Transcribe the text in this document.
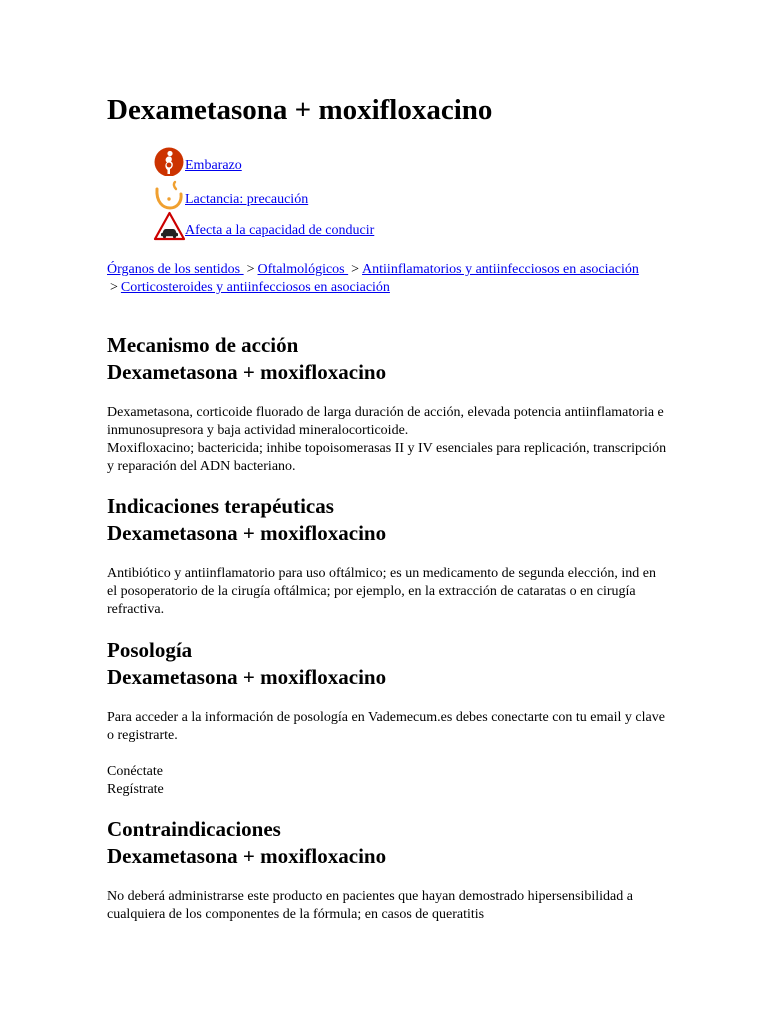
Dexametasona + moxifloxacino
Embarazo
Lactancia: precaución
Afecta a la capacidad de conducir
Órganos de los sentidos > Oftalmológicos > Antiinflamatorios y antiinfecciosos en asociación > Corticosteroides y antiinfecciosos en asociación
Mecanismo de acción
Dexametasona + moxifloxacino

Dexametasona, corticoide fluorado de larga duración de acción, elevada potencia antiinflamatoria e inmunosupresora y baja actividad mineralocorticoide.

Moxifloxacino; bactericida; inhibe topoisomerasas II y IV esenciales para replicación, transcripción y reparación del ADN bacteriano.

Indicaciones terapéuticas
Dexametasona + moxifloxacino

Antibiótico y antiinflamatorio para uso oftálmico; es un medicamento de segunda elección, ind en el posoperatorio de la cirugía oftálmica; por ejemplo, en la extracción de cataratas o en cirugía refractiva.

Posología
Dexametasona + moxifloxacino

Para acceder a la información de posología en Vademecum.es debes conectarte con tu email y clave o registrarte.

Conéctate
Regístrate
Contraindicaciones
Dexametasona + moxifloxacino

No deberá administrarse este producto en pacientes que hayan demostrado hipersensibilidad a cualquiera de los componentes de la fórmula; en casos de queratitis
